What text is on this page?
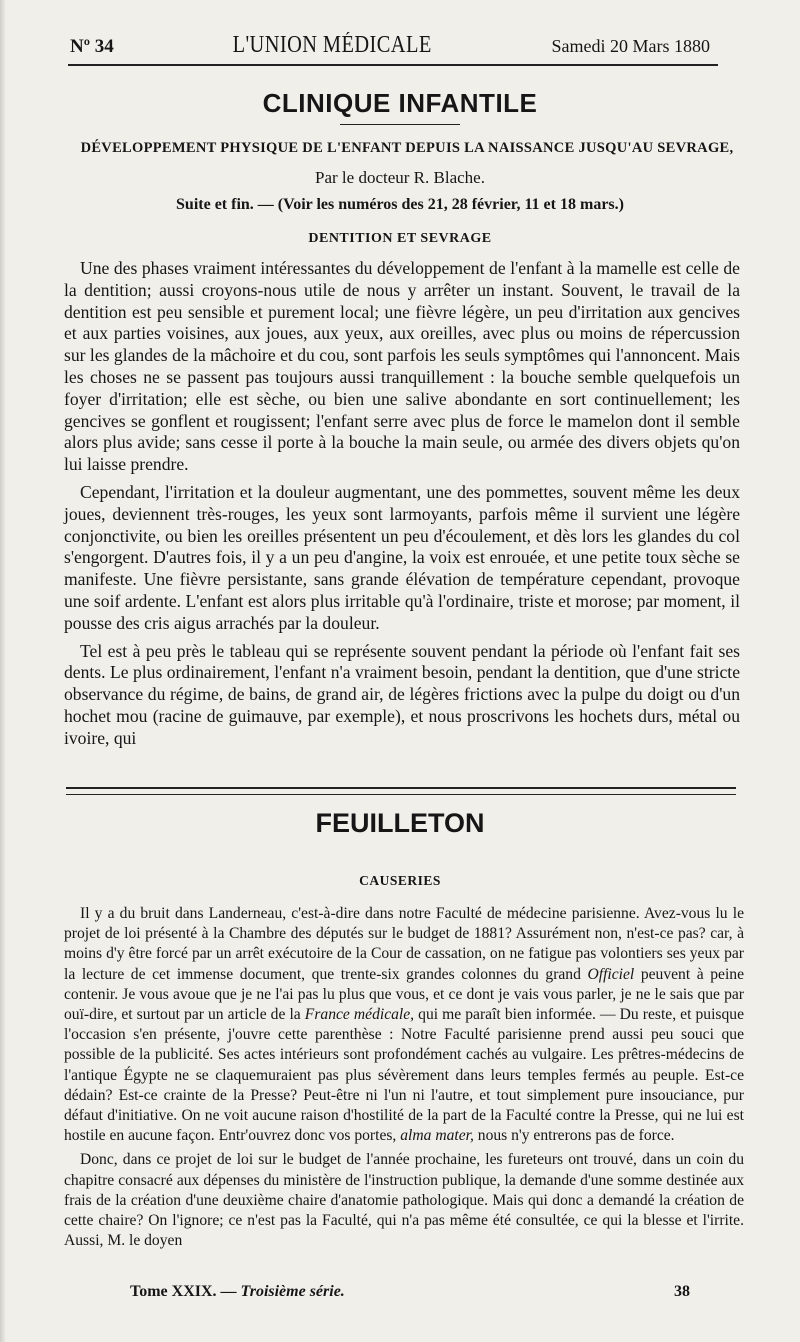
Nº 34	L'UNION MÉDICALE	Samedi 20 Mars 1880
CLINIQUE INFANTILE
DÉVELOPPEMENT PHYSIQUE DE L'ENFANT DEPUIS LA NAISSANCE JUSQU'AU SEVRAGE,
Par le docteur R. Blache.
Suite et fin. — (Voir les numéros des 21, 28 février, 11 et 18 mars.)
DENTITION ET SEVRAGE

Une des phases vraiment intéressantes du développement de l'enfant à la mamelle est celle de la dentition; aussi croyons-nous utile de nous y arrêter un instant. Souvent, le travail de la dentition est peu sensible et purement local; une fièvre légère, un peu d'irritation aux gencives et aux parties voisines, aux joues, aux yeux, aux oreilles, avec plus ou moins de répercussion sur les glandes de la mâchoire et du cou, sont parfois les seuls symptômes qui l'annoncent. Mais les choses ne se passent pas toujours aussi tranquillement : la bouche semble quelquefois un foyer d'irritation; elle est sèche, ou bien une salive abondante en sort continuellement; les gencives se gonflent et rougissent; l'enfant serre avec plus de force le mamelon dont il semble alors plus avide; sans cesse il porte à la bouche la main seule, ou armée des divers objets qu'on lui laisse prendre.

Cependant, l'irritation et la douleur augmentant, une des pommettes, souvent même les deux joues, deviennent très-rouges, les yeux sont larmoyants, parfois même il survient une légère conjonctivite, ou bien les oreilles présentent un peu d'écoulement, et dès lors les glandes du col s'engorgent. D'autres fois, il y a un peu d'angine, la voix est enrouée, et une petite toux sèche se manifeste. Une fièvre persistante, sans grande élévation de température cependant, provoque une soif ardente. L'enfant est alors plus irritable qu'à l'ordinaire, triste et morose; par moment, il pousse des cris aigus arrachés par la douleur.

Tel est à peu près le tableau qui se représente souvent pendant la période où l'enfant fait ses dents. Le plus ordinairement, l'enfant n'a vraiment besoin, pendant la dentition, que d'une stricte observance du régime, de bains, de grand air, de légères frictions avec la pulpe du doigt ou d'un hochet mou (racine de guimauve, par exemple), et nous proscrivons les hochets durs, métal ou ivoire, qui

FEUILLETON
CAUSERIES

Il y a du bruit dans Landerneau, c'est-à-dire dans notre Faculté de médecine parisienne. Avez-vous lu le projet de loi présenté à la Chambre des députés sur le budget de 1881? Assurément non, n'est-ce pas? car, à moins d'y être forcé par un arrêt exécutoire de la Cour de cassation, on ne fatigue pas volontiers ses yeux par la lecture de cet immense document, que trente-six grandes colonnes du grand Officiel peuvent à peine contenir. Je vous avoue que je ne l'ai pas lu plus que vous, et ce dont je vais vous parler, je ne le sais que par ouï-dire, et surtout par un article de la France médicale, qui me paraît bien informée. — Du reste, et puisque l'occasion s'en présente, j'ouvre cette parenthèse : Notre Faculté parisienne prend aussi peu souci que possible de la publicité. Ses actes intérieurs sont profondément cachés au vulgaire. Les prêtres-médecins de l'antique Égypte ne se claquemuraient pas plus sévèrement dans leurs temples fermés au peuple. Est-ce dédain? Est-ce crainte de la Presse? Peut-être ni l'un ni l'autre, et tout simplement pure insouciance, pur défaut d'initiative. On ne voit aucune raison d'hostilité de la part de la Faculté contre la Presse, qui ne lui est hostile en aucune façon. Entr'ouvrez donc vos portes, alma mater, nous n'y entrerons pas de force.

Donc, dans ce projet de loi sur le budget de l'année prochaine, les fureteurs ont trouvé, dans un coin du chapitre consacré aux dépenses du ministère de l'instruction publique, la demande d'une somme destinée aux frais de la création d'une deuxième chaire d'anatomie pathologique. Mais qui donc a demandé la création de cette chaire? On l'ignore; ce n'est pas la Faculté, qui n'a pas même été consultée, ce qui la blesse et l'irrite. Aussi, M. le doyen

Tome XXIX. — Troisième série.	38
